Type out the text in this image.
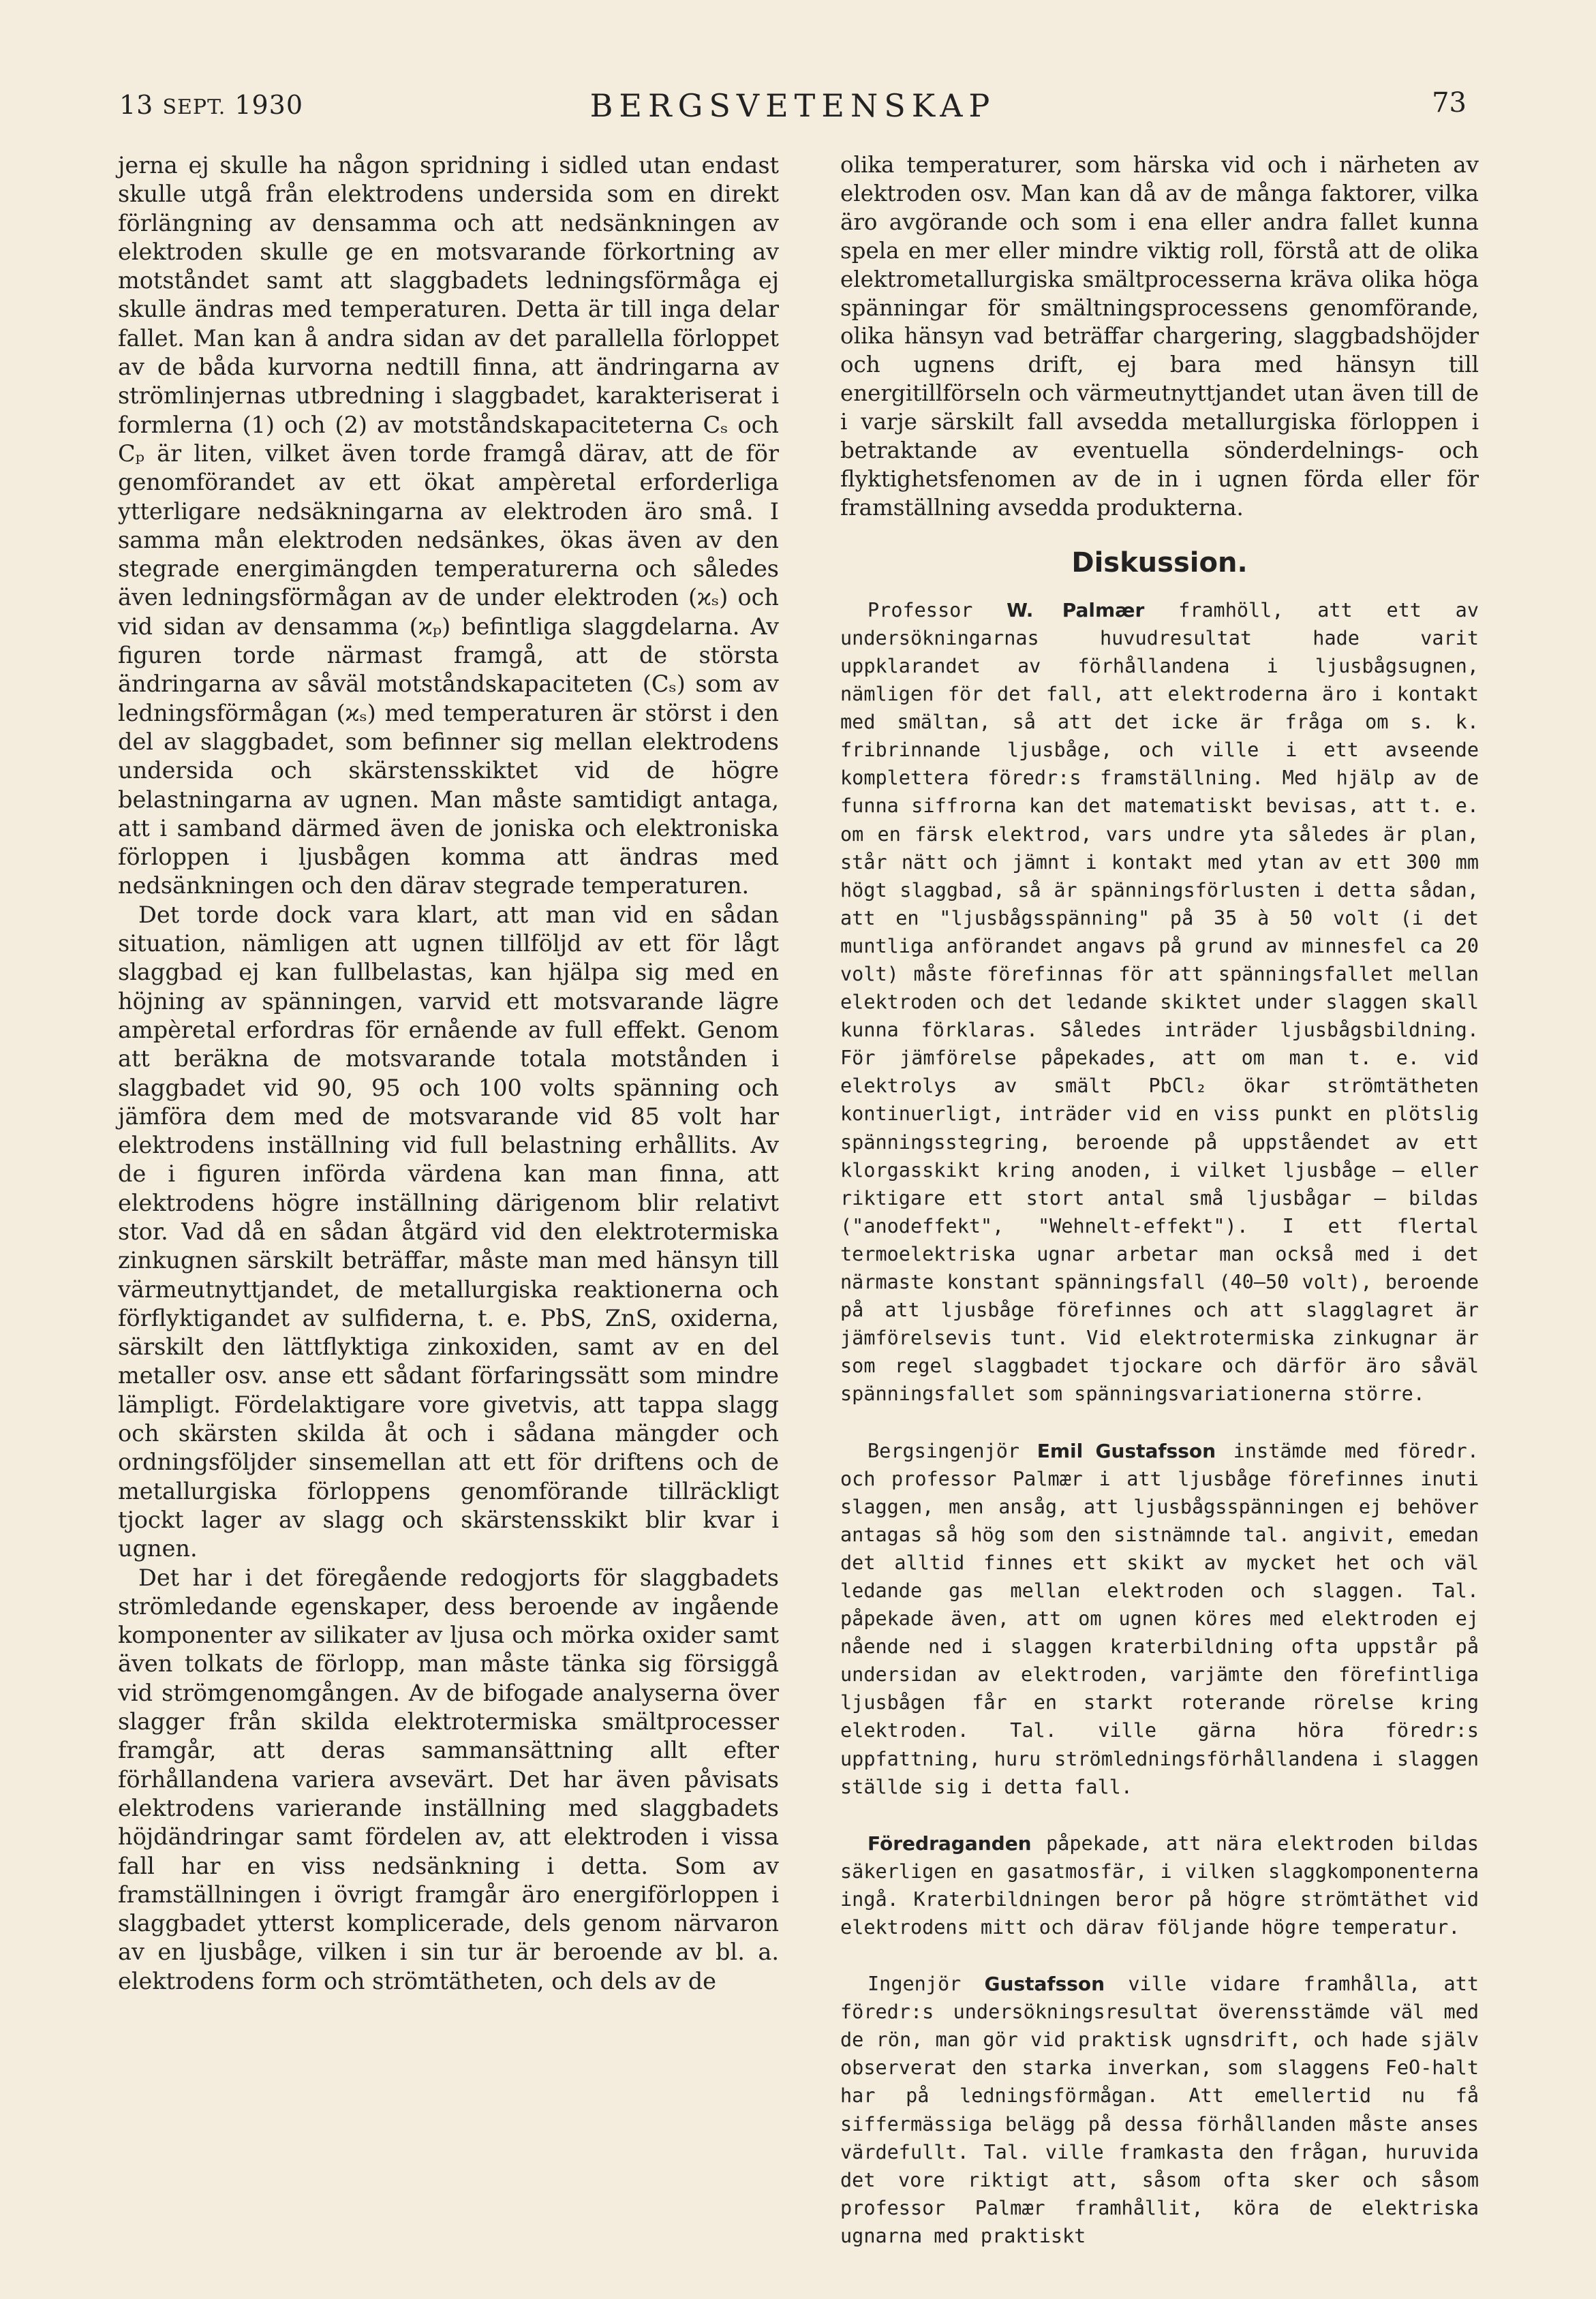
13 SEPT. 1930	BERGSVETENSKAP	73

jerna ej skulle ha någon spridning i sidled utan endast skulle utgå från elektrodens undersida som en direkt förlängning av densamma och att nedsänkningen av elektroden skulle ge en motsvarande förkortning av motståndet samt att slaggbadets ledningsförmåga ej skulle ändras med temperaturen. Detta är till inga delar fallet. Man kan å andra sidan av det parallella förloppet av de båda kurvorna nedtill finna, att ändringarna av strömlinjernas utbredning i slaggbadet, karakteriserat i formlerna (1) och (2) av motståndskapaciteterna Cₛ och Cₚ är liten, vilket även torde framgå därav, att de för genomförandet av ett ökat ampèretal erforderliga ytterligare nedsäkningarna av elektroden äro små. I samma mån elektroden nedsänkes, ökas även av den stegrade energimängden temperaturerna och således även ledningsförmågan av de under elektroden (ϰₛ) och vid sidan av densamma (ϰₚ) befintliga slaggdelarna. Av figuren torde närmast framgå, att de största ändringarna av såväl motståndskapaciteten (Cₛ) som av ledningsförmågan (ϰₛ) med temperaturen är störst i den del av slaggbadet, som befinner sig mellan elektrodens undersida och skärstensskiktet vid de högre belastningarna av ugnen. Man måste samtidigt antaga, att i samband därmed även de joniska och elektroniska förloppen i ljusbågen komma att ändras med nedsänkningen och den därav stegrade temperaturen.

Det torde dock vara klart, att man vid en sådan situation, nämligen att ugnen tillföljd av ett för lågt slaggbad ej kan fullbelastas, kan hjälpa sig med en höjning av spänningen, varvid ett motsvarande lägre ampèretal erfordras för ernående av full effekt. Genom att beräkna de motsvarande totala motstånden i slaggbadet vid 90, 95 och 100 volts spänning och jämföra dem med de motsvarande vid 85 volt har elektrodens inställning vid full belastning erhållits. Av de i figuren införda värdena kan man finna, att elektrodens högre inställning därigenom blir relativt stor. Vad då en sådan åtgärd vid den elektrotermiska zinkugnen särskilt beträffar, måste man med hänsyn till värmeutnyttjandet, de metallurgiska reaktionerna och förflyktigandet av sulfiderna, t. e. PbS, ZnS, oxiderna, särskilt den lättflyktiga zinkoxiden, samt av en del metaller osv. anse ett sådant förfaringssätt som mindre lämpligt. Fördelaktigare vore givetvis, att tappa slagg och skärsten skilda åt och i sådana mängder och ordningsföljder sinsemellan att ett för driftens och de metallurgiska förloppens genomförande tillräckligt tjockt lager av slagg och skärstensskikt blir kvar i ugnen.

Det har i det föregående redogjorts för slaggbadets strömledande egenskaper, dess beroende av ingående komponenter av silikater av ljusa och mörka oxider samt även tolkats de förlopp, man måste tänka sig försiggå vid strömgenomgången. Av de bifogade analyserna över slagger från skilda elektrotermiska smältprocesser framgår, att deras sammansättning allt efter förhållandena variera avsevärt. Det har även påvisats elektrodens varierande inställning med slaggbadets höjdändringar samt fördelen av, att elektroden i vissa fall har en viss nedsänkning i detta. Som av framställningen i övrigt framgår äro energiförloppen i slaggbadet ytterst komplicerade, dels genom närvaron av en ljusbåge, vilken i sin tur är beroende av bl. a. elektrodens form och strömtätheten, och dels av de

olika temperaturer, som härska vid och i närheten av elektroden osv. Man kan då av de många faktorer, vilka äro avgörande och som i ena eller andra fallet kunna spela en mer eller mindre viktig roll, förstå att de olika elektrometallurgiska smältprocesserna kräva olika höga spänningar för smältningsprocessens genomförande, olika hänsyn vad beträffar chargering, slaggbadshöjder och ugnens drift, ej bara med hänsyn till energitillförseln och värmeutnyttjandet utan även till de i varje särskilt fall avsedda metallurgiska förloppen i betraktande av eventuella sönderdelnings- och flyktighetsfenomen av de in i ugnen förda eller för framställning avsedda produkterna.

Diskussion.

Professor W. Palmær framhöll, att ett av undersökningarnas huvudresultat hade varit uppklarandet av förhållandena i ljusbågsugnen, nämligen för det fall, att elektroderna äro i kontakt med smältan, så att det icke är fråga om s. k. fribrinnande ljusbåge, och ville i ett avseende komplettera föredr:s framställning. Med hjälp av de funna siffrorna kan det matematiskt bevisas, att t. e. om en färsk elektrod, vars undre yta således är plan, står nätt och jämnt i kontakt med ytan av ett 300 mm högt slaggbad, så är spänningsförlusten i detta sådan, att en "ljusbågsspänning" på 35 à 50 volt (i det muntliga anförandet angavs på grund av minnesfel ca 20 volt) måste förefinnas för att spänningsfallet mellan elektroden och det ledande skiktet under slaggen skall kunna förklaras. Således inträder ljusbågsbildning. För jämförelse påpekades, att om man t. e. vid elektrolys av smält PbCl₂ ökar strömtätheten kontinuerligt, inträder vid en viss punkt en plötslig spänningsstegring, beroende på uppståendet av ett klorgasskikt kring anoden, i vilket ljusbåge — eller riktigare ett stort antal små ljusbågar — bildas ("anodeffekt", "Wehnelt-effekt"). I ett flertal termoelektriska ugnar arbetar man också med i det närmaste konstant spänningsfall (40—50 volt), beroende på att ljusbåge förefinnes och att slagglagret är jämförelsevis tunt. Vid elektrotermiska zinkugnar är som regel slaggbadet tjockare och därför äro såväl spänningsfallet som spänningsvariationerna större.

Bergsingenjör Emil Gustafsson instämde med föredr. och professor Palmær i att ljusbåge förefinnes inuti slaggen, men ansåg, att ljusbågsspänningen ej behöver antagas så hög som den sistnämnde tal. angivit, emedan det alltid finnes ett skikt av mycket het och väl ledande gas mellan elektroden och slaggen. Tal. påpekade även, att om ugnen köres med elektroden ej nående ned i slaggen kraterbildning ofta uppstår på undersidan av elektroden, varjämte den förefintliga ljusbågen får en starkt roterande rörelse kring elektroden. Tal. ville gärna höra föredr:s uppfattning, huru strömledningsförhållandena i slaggen ställde sig i detta fall.

Föredraganden påpekade, att nära elektroden bildas säkerligen en gasatmosfär, i vilken slaggkomponenterna ingå. Kraterbildningen beror på högre strömtäthet vid elektrodens mitt och därav följande högre temperatur.

Ingenjör Gustafsson ville vidare framhålla, att föredr:s undersökningsresultat överensstämde väl med de rön, man gör vid praktisk ugnsdrift, och hade själv observerat den starka inverkan, som slaggens FeO-halt har på ledningsförmågan. Att emellertid nu få siffermässiga belägg på dessa förhållanden måste anses värdefullt. Tal. ville framkasta den frågan, huruvida det vore riktigt att, såsom ofta sker och såsom professor Palmær framhållit, köra de elektriska ugnarna med praktiskt
